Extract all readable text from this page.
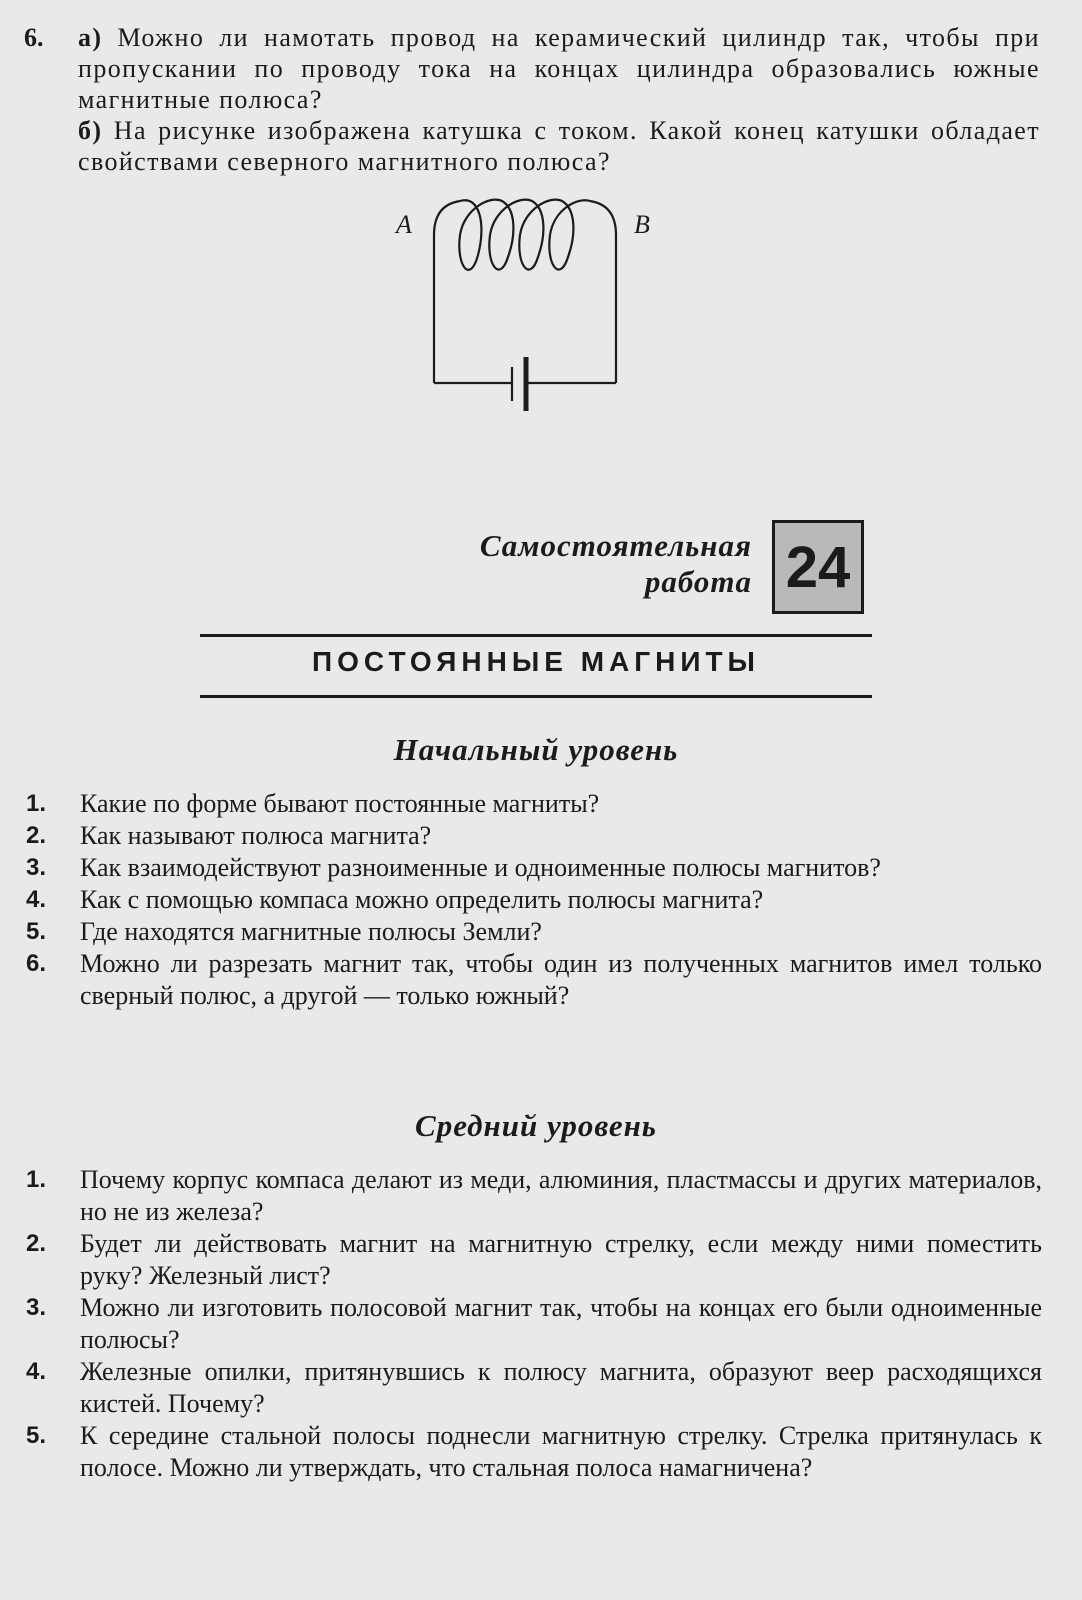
6. а) Можно ли намотать провод на керамический цилиндр так, чтобы при пропускании по проводу тока на концах цилиндра образовались южные магнитные полюса?

б) На рисунке изображена катушка с током. Какой конец катушки обладает свойствами северного магнитного полюса?

A	B
Самостоятельная
работа 24
ПОСТОЯННЫЕ МАГНИТЫ
Начальный уровень
1. Какие по форме бывают постоянные магниты?
2. Как называют полюса магнита?
3. Как взаимодействуют разноименные и одноименные полюсы магнитов?
4. Как с помощью компаса можно определить полюсы магнита?
5. Где находятся магнитные полюсы Земли?
6. Можно ли разрезать магнит так, чтобы один из полученных магнитов имел только сверный полюс, а другой — только южный?
Средний уровень
1. Почему корпус компаса делают из меди, алюминия, пластмассы и других материалов, но не из железа?
2. Будет ли действовать магнит на магнитную стрелку, если между ними поместить руку? Железный лист?
3. Можно ли изготовить полосовой магнит так, чтобы на концах его были одноименные полюсы?
4. Железные опилки, притянувшись к полюсу магнита, образуют веер расходящихся кистей. Почему?
5. К середине стальной полосы поднесли магнитную стрелку. Стрелка притянулась к полосе. Можно ли утверждать, что стальная полоса намагничена?
